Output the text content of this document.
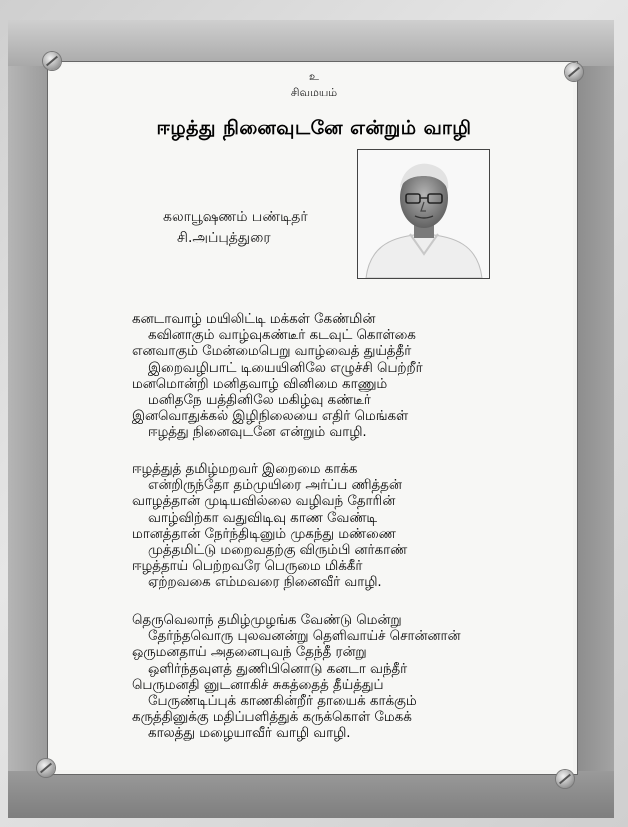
உ
சிவமயம்
ஈழத்து நினைவுடனே என்றும் வாழி
கலாபூஷணம் பண்டிதர்
சி.அப்புத்துரை
கனடாவாழ் மயிலிட்டி மக்கள் கேண்மின்
கவினாகும் வாழ்வுகண்டீர் கடவுட் கொள்கை
எனவாகும் மேன்மைபெறு வாழ்வைத் துய்த்தீர்
இறைவழிபாட் டியையினிலே எழுச்சி பெற்றீர்
மனமொன்றி மனிதவாழ் வினிமை காணும்
மனிதநே யத்தினிலே மகிழ்வு கண்டீர்
இனவொதுக்கல் இழிநிலையை எதிர் மெங்கள்
ஈழத்து நினைவுடனே என்றும் வாழி.
ஈழத்துத் தமிழ்மறவர் இறைமை காக்க
என்றிருந்தோ தம்முயிரை அர்ப்ப ணித்தன்
வாழத்தான் முடியவில்லை வழிவந் தோரின்
வாழ்விற்கா வதுவிடிவு காண வேண்டி
மானத்தான் நேர்ந்திடினும் முகந்து மண்ணை
முத்தமிட்டு மறைவதற்கு விரும்பி னர்காண்
ஈழத்தாய் பெற்றவரே பெருமை மிக்கீர்
ஏற்றவகை எம்மவரை நினைவீர் வாழி.
தெருவெலாந் தமிழ்முழங்க வேண்டு மென்று
தேர்ந்தவொரு புலவனன்று தெளிவாய்ச் சொன்னான்
ஒருமனதாய் அதனைபுவந் தேந்தீ ரன்று
ஒளிர்ந்தவுளத் துணிபினொடு கனடா வந்தீர்
பெருமனதி னுடனாகிச் சுகத்தைத் தீய்த்துப்
பேருண்டிப்புக் காணகின்றீர் தாயைக் காக்கும்
கருத்தினுக்கு மதிப்பளித்துக் கருக்கொள் மேகக்
காலத்து மழையாவீர் வாழி வாழி.
